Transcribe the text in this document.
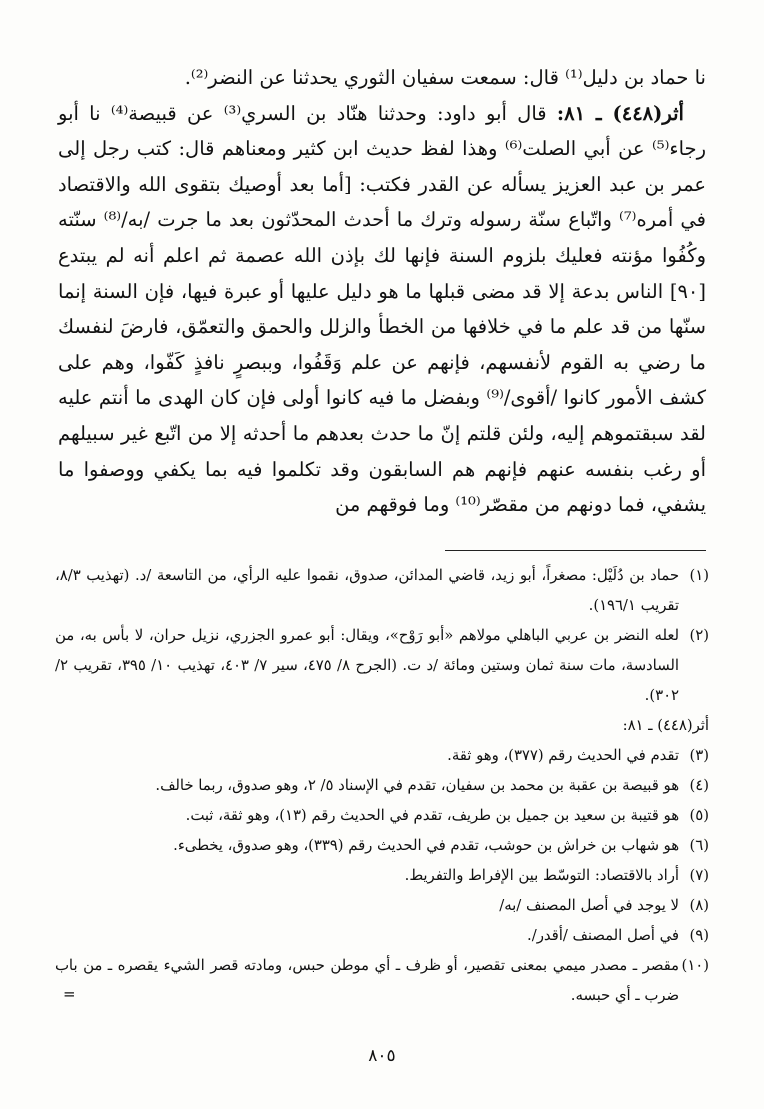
نا حماد بن دليل⁽¹⁾ قال: سمعت سفيان الثوري يحدثنا عن النضر⁽²⁾.

أثر(٤٤٨) ـ ٨١: قال أبو داود: وحدثنا هنّاد بن السري⁽³⁾ عن قبيصة⁽⁴⁾ نا أبو رجاء⁽⁵⁾ عن أبي الصلت⁽⁶⁾ وهذا لفظ حديث ابن كثير ومعناهم قال: كتب رجل إلى عمر بن عبد العزيز يسأله عن القدر فكتب: [أما بعد أوصيك بتقوى الله والاقتصاد في أمره⁽⁷⁾ واتّباع سنّة رسوله وترك ما أحدث المحدّثون بعد ما جرت /به/⁽⁸⁾ سنّته وكُفُوا مؤنته فعليك بلزوم السنة فإنها لك بإذن الله عصمة ثم اعلم أنه لم يبتدع [٩٠] الناس بدعة إلا قد مضى قبلها ما هو دليل عليها أو عبرة فيها، فإن السنة إنما سنّها من قد علم ما في خلافها من الخطأ والزلل والحمق والتعمّق، فارضَ لنفسك ما رضي به القوم لأنفسهم، فإنهم عن علم وَقَفُوا، وببصرٍ نافذٍ كَفّوا، وهم على كشف الأمور كانوا /أقوى/⁽⁹⁾ وبفضل ما فيه كانوا أولى فإن كان الهدى ما أنتم عليه لقد سبقتموهم إليه، ولئن قلتم إنّ ما حدث بعدهم ما أحدثه إلا من اتّبع غير سبيلهم أو رغب بنفسه عنهم فإنهم هم السابقون وقد تكلموا فيه بما يكفي ووصفوا ما يشفي، فما دونهم من مقصّر⁽¹⁰⁾ وما فوقهم من

(١)
حماد بن دُلَيْل: مصغراً، أبو زيد، قاضي المدائن، صدوق، نقموا عليه الرأي، من التاسعة /د. (تهذيب ٨/٣، تقريب ١٩٦/١).
(٢)
لعله النضر بن عربي الباهلي مولاهم «أبو رَوْح»، ويقال: أبو عمرو الجزري، نزيل حران، لا بأس به، من السادسة، مات سنة ثمان وستين ومائة /د ت. (الجرح ٨/ ٤٧٥، سير ٧/ ٤٠٣، تهذيب ١٠/ ٣٩٥، تقريب ٢/ ٣٠٢).
أثر(٤٤٨) ـ ٨١:
(٣)
تقدم في الحديث رقم (٣٧٧)، وهو ثقة.
(٤)
هو قبيصة بن عقبة بن محمد بن سفيان، تقدم في الإسناد ٥/ ٢، وهو صدوق، ربما خالف.
(٥)
هو قتيبة بن سعيد بن جميل بن طريف، تقدم في الحديث رقم (١٣)، وهو ثقة، ثبت.
(٦)
هو شهاب بن خراش بن حوشب، تقدم في الحديث رقم (٣٣٩)، وهو صدوق، يخطىء.
(٧)
أراد بالاقتصاد: التوسّط بين الإفراط والتفريط.
(٨)
لا يوجد في أصل المصنف /به/
(٩)
في أصل المصنف /أقدر/.
(١٠)
مقصر ـ مصدر ميمي بمعنى تقصير، أو ظرف ـ أي موطن حبس، ومادته قصر الشيء يقصره ـ من باب ضرب ـ أي حبسه.
=
٨٠٥
